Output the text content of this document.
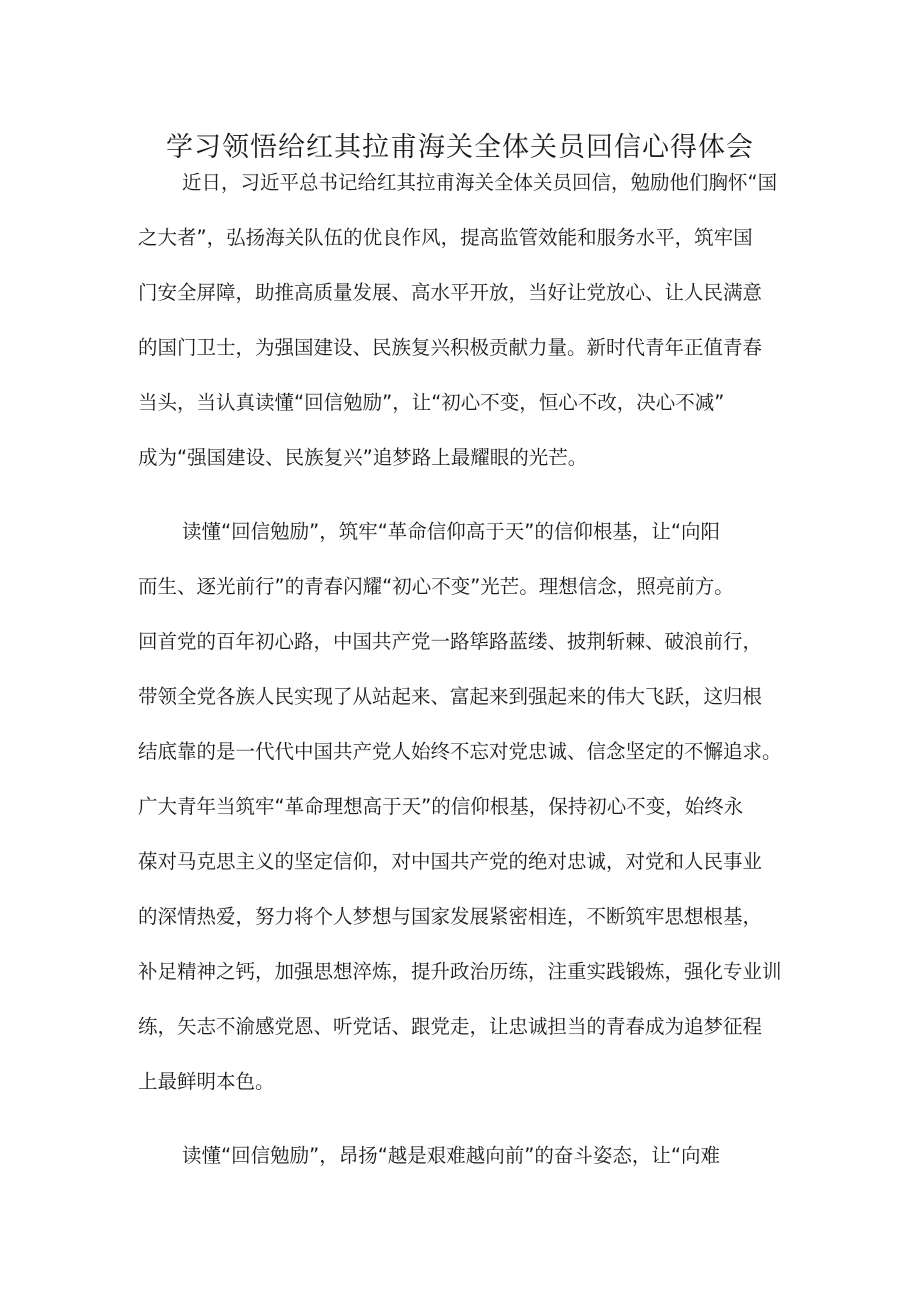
学习领悟给红其拉甫海关全体关员回信心得体会
近日，习近平总书记给红其拉甫海关全体关员回信，勉励他们胸怀“国
之大者”，弘扬海关队伍的优良作风，提高监管效能和服务水平，筑牢国
门安全屏障，助推高质量发展、高水平开放，当好让党放心、让人民满意
的国门卫士，为强国建设、民族复兴积极贡献力量。新时代青年正值青春
当头，当认真读懂“回信勉励”，让“初心不变，恒心不改，决心不减”
成为“强国建设、民族复兴”追梦路上最耀眼的光芒。
读懂“回信勉励”，筑牢“革命信仰高于天”的信仰根基，让“向阳
而生、逐光前行”的青春闪耀“初心不变”光芒。理想信念，照亮前方。
回首党的百年初心路，中国共产党一路筚路蓝缕、披荆斩棘、破浪前行，
带领全党各族人民实现了从站起来、富起来到强起来的伟大飞跃，这归根
结底靠的是一代代中国共产党人始终不忘对党忠诚、信念坚定的不懈追求。
广大青年当筑牢“革命理想高于天”的信仰根基，保持初心不变，始终永
葆对马克思主义的坚定信仰，对中国共产党的绝对忠诚，对党和人民事业
的深情热爱，努力将个人梦想与国家发展紧密相连，不断筑牢思想根基，
补足精神之钙，加强思想淬炼，提升政治历练，注重实践锻炼，强化专业训
练，矢志不渝感党恩、听党话、跟党走，让忠诚担当的青春成为追梦征程
上最鲜明本色。
读懂“回信勉励”，昂扬“越是艰难越向前”的奋斗姿态，让“向难
